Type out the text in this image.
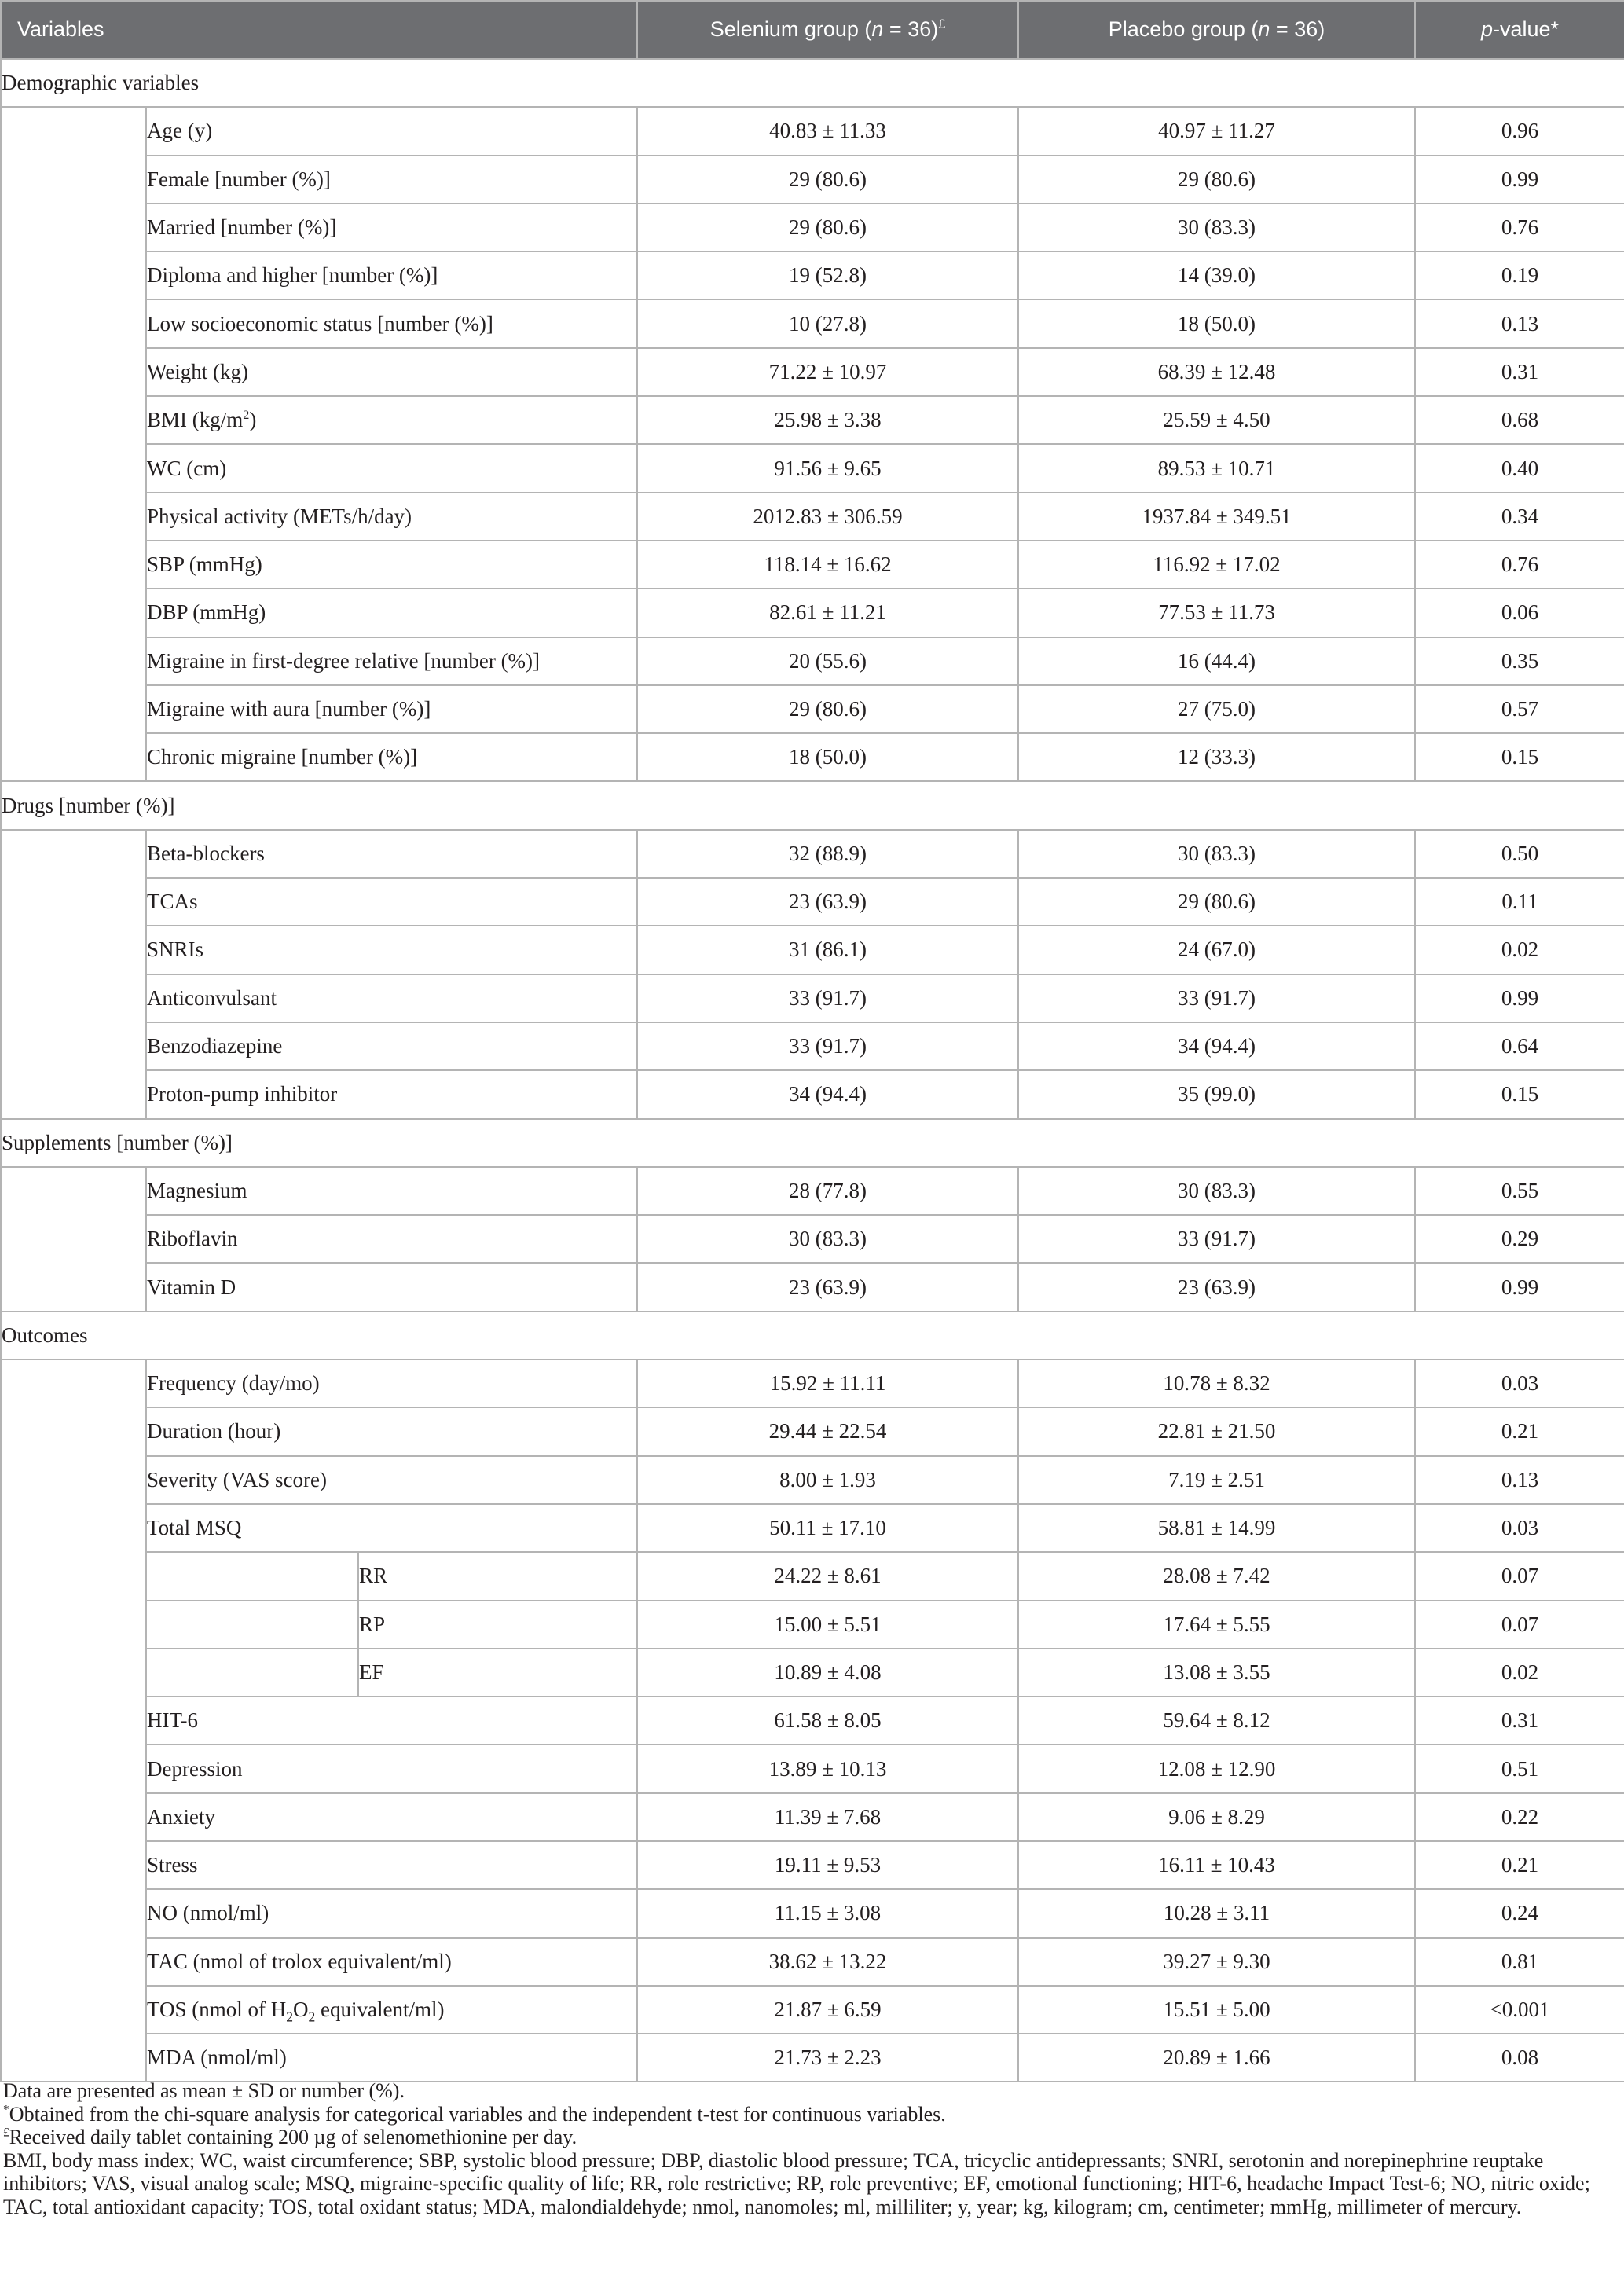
Variables			Selenium group (n = 36)£	Placebo group (n = 36)	p-value*
Demographic variables					
	Age (y)		40.83 ± 11.33	40.97 ± 11.27	0.96
	Female [number (%)]		29 (80.6)	29 (80.6)	0.99
	Married [number (%)]		29 (80.6)	30 (83.3)	0.76
	Diploma and higher [number (%)]		19 (52.8)	14 (39.0)	0.19
	Low socioeconomic status [number (%)]		10 (27.8)	18 (50.0)	0.13
	Weight (kg)		71.22 ± 10.97	68.39 ± 12.48	0.31
	BMI $(kg/m^2)$		25.98 ± 3.38	25.59 ± 4.50	0.68
	WC (cm)		91.56 ± 9.65	89.53 ± 10.71	0.40
	Physical activity (METs/h/day)		2012.83 ± 306.59	1937.84 ± 349.51	0.34
	SBP (mmHg)		118.14 ± 16.62	116.92 ± 17.02	0.76
	DBP (mmHg)		82.61 ± 11.21	77.53 ± 11.73	0.06
	Migraine in first-degree relative [number (%)]		20 (55.6)	16 (44.4)	0.35
	Migraine with aura [number (%)]		29 (80.6)	27 (75.0)	0.57
	Chronic migraine [number (%)]		18 (50.0)	12 (33.3)	0.15
Drugs [number (%)]					
	Beta-blockers		32 (88.9)	30 (83.3)	0.50
	TCAs		23 (63.9)	29 (80.6)	0.11
	SNRIs		31 (86.1)	24 (67.0)	0.02
	Anticonvulsant		33 (91.7)	33 (91.7)	0.99
	Benzodiazepine		33 (91.7)	34 (94.4)	0.64
	Proton-pump inhibitor		34 (94.4)	35 (99.0)	0.15
Supplements [number (%)]					
	Magnesium		28 (77.8)	30 (83.3)	0.55
	Riboflavin		30 (83.3)	33 (91.7)	0.29
	Vitamin D		23 (63.9)	23 (63.9)	0.99
Outcomes					
	Frequency (day/mo)		15.92 ± 11.11	10.78 ± 8.32	0.03
	Duration (hour)		29.44 ± 22.54	22.81 ± 21.50	0.21
	Severity (VAS score)		8.00 ± 1.93	7.19 ± 2.51	0.13
	Total MSQ		50.11 ± 17.10	58.81 ± 14.99	0.03
		RR	24.22 ± 8.61	28.08 ± 7.42	0.07
		RP	15.00 ± 5.51	17.64 ± 5.55	0.07
		EF	10.89 ± 4.08	13.08 ± 3.55	0.02
	HIT-6		61.58 ± 8.05	59.64 ± 8.12	0.31
	Depression		13.89 ± 10.13	12.08 ± 12.90	0.51
	Anxiety		11.39 ± 7.68	9.06 ± 8.29	0.22
	Stress		19.11 ± 9.53	16.11 ± 10.43	0.21
	NO (nmol/ml)		11.15 ± 3.08	10.28 ± 3.11	0.24
	TAC (nmol of trolox equivalent/ml)		38.62 ± 13.22	39.27 ± 9.30	0.81
	TOS (nmol of $H_2O_2$ equivalent/ml)		21.87 ± 6.59	15.51 ± 5.00	<0.001
	MDA (nmol/ml)		21.73 ± 2.23	20.89 ± 1.66	0.08

Data are presented as mean ± SD or number (%).

*Obtained from the chi-square analysis for categorical variables and the independent t-test for continuous variables.

£Received daily tablet containing 200 µg of selenomethionine per day.

BMI, body mass index; WC, waist circumference; SBP, systolic blood pressure; DBP, diastolic blood pressure; TCA, tricyclic antidepressants; SNRI, serotonin and norepinephrine reuptake inhibitors; VAS, visual analog scale; MSQ, migraine-specific quality of life; RR, role restrictive; RP, role preventive; EF, emotional functioning; HIT-6, headache Impact Test-6; NO, nitric oxide; TAC, total antioxidant capacity; TOS, total oxidant status; MDA, malondialdehyde; nmol, nanomoles; ml, milliliter; y, year; kg, kilogram; cm, centimeter; mmHg, millimeter of mercury.
